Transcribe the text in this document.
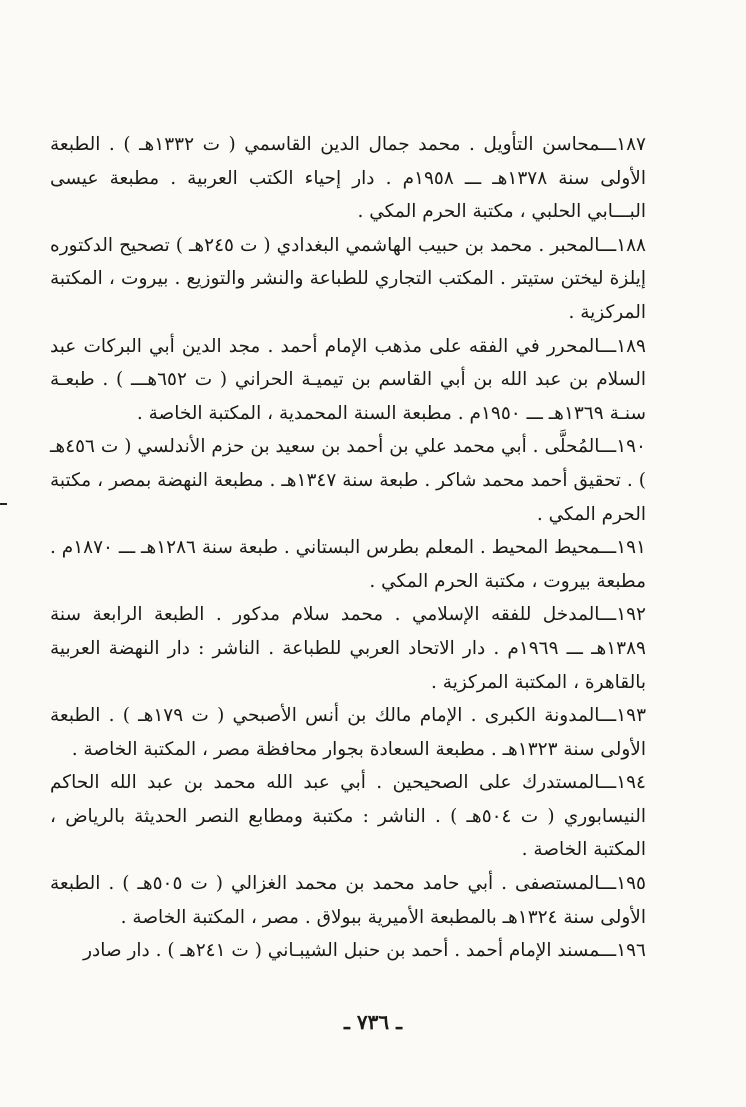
١٨٧ـــمحاسن التأويل . محمد جمال الدين القاسمي ( ت ١٣٣٢هـ ) . الطبعة الأولى سنة ١٣٧٨هـ ـــ ١٩٥٨م . دار إحياء الكتب العربية . مطبعة عيسى البـــابي الحلبي ، مكتبة الحرم المكي .

١٨٨ـــالمحبر . محمد بن حبيب الهاشمي البغدادي ( ت ٢٤٥هـ ) تصحيح الدكتوره إيلزة ليختن ستيتر . المكتب التجاري للطباعة والنشر والتوزيع . بيروت ، المكتبة المركزية .

١٨٩ـــالمحرر في الفقه على مذهب الإمام أحمد . مجد الدين أبي البركات عبد السلام بن عبد الله بن أبي القاسم بن تيميـة الحراني ( ت ٦٥٢هـــ ) . طبعـة سنـة ١٣٦٩هـ ـــ ١٩٥٠م . مطبعة السنة المحمدية ، المكتبة الخاصة .

١٩٠ـــالمُحلَّى . أبي محمد علي بن أحمد بن سعيد بن حزم الأندلسي ( ت ٤٥٦هـ ) . تحقيق أحمد محمد شاكر . طبعة سنة ١٣٤٧هـ . مطبعة النهضة بمصر ، مكتبة الحرم المكي .

١٩١ـــمحيط المحيط . المعلم بطرس البستاني . طبعة سنة ١٢٨٦هـ ـــ ١٨٧٠م . مطبعة بيروت ، مكتبة الحرم المكي .

١٩٢ـــالمدخل للفقه الإسلامي . محمد سلام مدكور . الطبعة الرابعة سنة ١٣٨٩هـ ـــ ١٩٦٩م . دار الاتحاد العربي للطباعة . الناشر : دار النهضة العربية بالقاهرة ، المكتبة المركزية .

١٩٣ـــالمدونة الكبرى . الإمام مالك بن أنس الأصبحي ( ت ١٧٩هـ ) . الطبعة الأولى سنة ١٣٢٣هـ . مطبعة السعادة بجوار محافظة مصر ، المكتبة الخاصة .

١٩٤ـــالمستدرك على الصحيحين . أبي عبد الله محمد بن عبد الله الحاكم النيسابوري ( ت ٥٠٤هـ ) . الناشر : مكتبة ومطابع النصر الحديثة بالرياض ، المكتبة الخاصة .

١٩٥ـــالمستصفى . أبي حامد محمد بن محمد الغزالي ( ت ٥٠٥هـ ) . الطبعة الأولى سنة ١٣٢٤هـ بالمطبعة الأميرية ببولاق . مصر ، المكتبة الخاصة .

١٩٦ـــمسند الإمام أحمد . أحمد بن حنبل الشيبـاني ( ت ٢٤١هـ ) . دار صادر

ـ ٧٣٦ ـ
